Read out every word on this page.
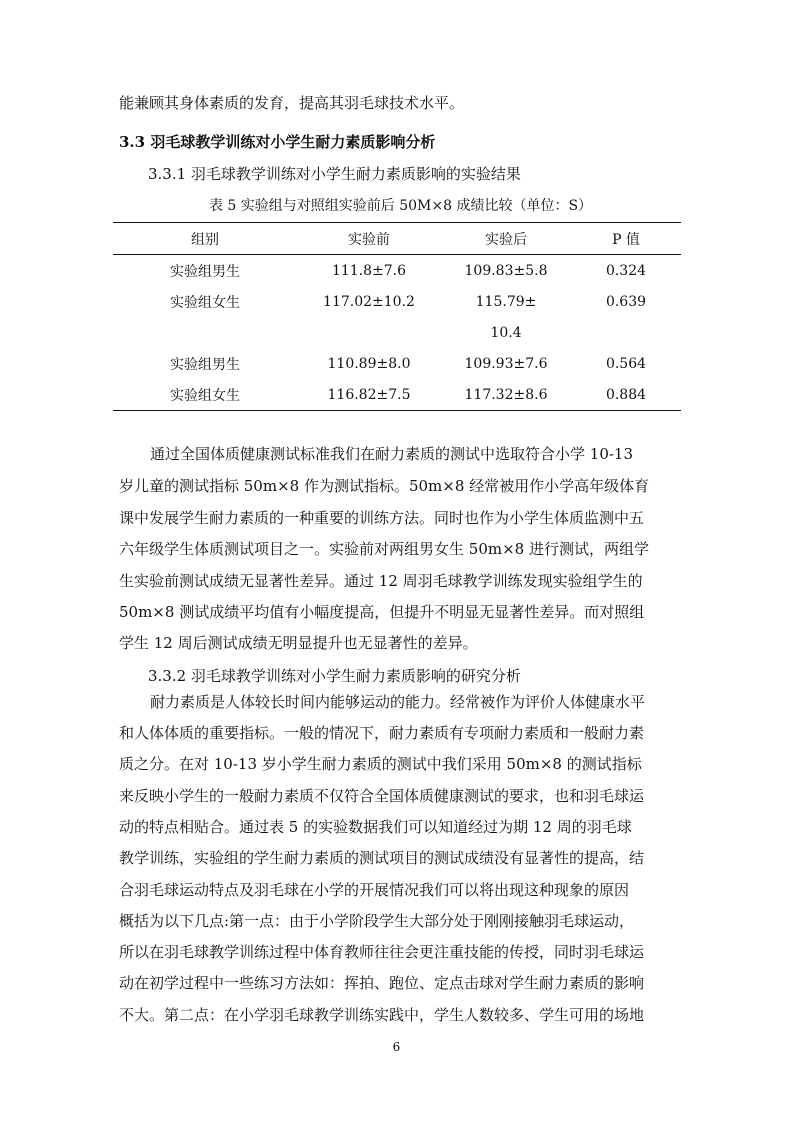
能兼顾其身体素质的发育，提高其羽毛球技术水平。

3.3 羽毛球教学训练对小学生耐力素质影响分析

3.3.1 羽毛球教学训练对小学生耐力素质影响的实验结果

表 5 实验组与对照组实验前后 50M×8 成绩比较（单位：S）
组别	实验前	实验后	P 值
实验组男生	111.8±7.6	109.83±5.8	0.324
实验组女生	117.02±10.2	115.79±	0.639
		10.4	
实验组男生	110.89±8.0	109.93±7.6	0.564
实验组女生	116.82±7.5	117.32±8.6	0.884

通过全国体质健康测试标准我们在耐力素质的测试中选取符合小学 10-13

岁儿童的测试指标 50m×8 作为测试指标。50m×8 经常被用作小学高年级体育

课中发展学生耐力素质的一种重要的训练方法。同时也作为小学生体质监测中五

六年级学生体质测试项目之一。实验前对两组男女生 50m×8 进行测试，两组学

生实验前测试成绩无显著性差异。通过 12 周羽毛球教学训练发现实验组学生的

50m×8 测试成绩平均值有小幅度提高，但提升不明显无显著性差异。而对照组

学生 12 周后测试成绩无明显提升也无显著性的差异。

3.3.2 羽毛球教学训练对小学生耐力素质影响的研究分析

耐力素质是人体较长时间内能够运动的能力。经常被作为评价人体健康水平

和人体体质的重要指标。一般的情况下，耐力素质有专项耐力素质和一般耐力素

质之分。在对 10-13 岁小学生耐力素质的测试中我们采用 50m×8 的测试指标

来反映小学生的一般耐力素质不仅符合全国体质健康测试的要求，也和羽毛球运

动的特点相贴合。通过表 5 的实验数据我们可以知道经过为期 12 周的羽毛球

教学训练，实验组的学生耐力素质的测试项目的测试成绩没有显著性的提高，结

合羽毛球运动特点及羽毛球在小学的开展情况我们可以将出现这种现象的原因

概括为以下几点:第一点：由于小学阶段学生大部分处于刚刚接触羽毛球运动，

所以在羽毛球教学训练过程中体育教师往往会更注重技能的传授，同时羽毛球运

动在初学过程中一些练习方法如：挥拍、跑位、定点击球对学生耐力素质的影响

不大。第二点：在小学羽毛球教学训练实践中，学生人数较多、学生可用的场地

6
